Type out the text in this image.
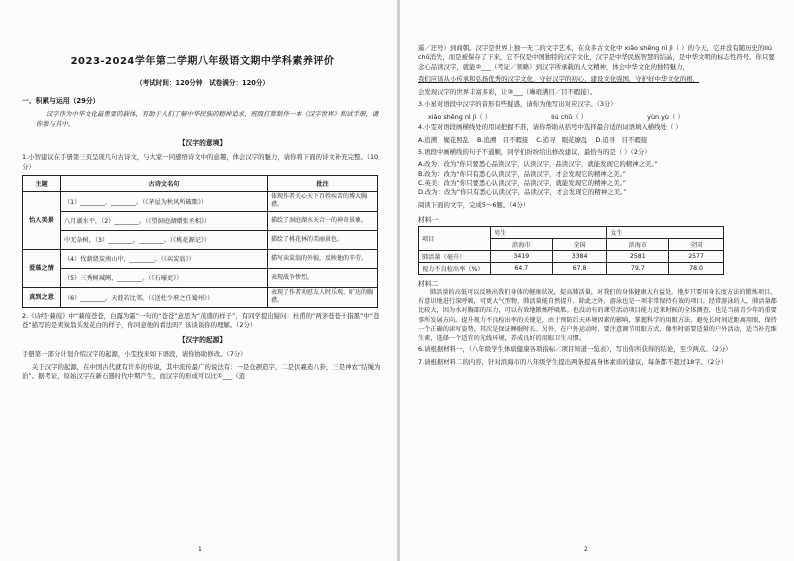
2023-2024学年第二学期八年级语文期中学科素养评价
（考试时间：120分钟　试卷满分：120分）
一、积累与运用（29分）
汉字作为中华文化最重要的载体，有助于人们了解中华民族的精神追求，班级打算制作一本《汉字世界》和试手册，请你参与其中。
【汉字的意境】
1.小智建议在手册第三页呈现几句古诗文，与大家一同感悟诗文中的意趣，体会汉字的魅力，请你将下面的诗文补充完整。（10分）
主题	古诗文名句	批注
怡人美景	（1）________，________。（《茅屋为秋风所破歌》）	体现作者关心天下百姓疾苦的博大胸襟。
	八月湖水平，（2）________。（《望洞庭湖赠张丞相》）	描绘了洞庭湖水天合一的神奇景象。
	中无杂树，（3）________，________。（《桃花源记》）	描绘了桃花林的美丽景色。
爱慕之情	（4）伐薪烧炭南山中，________。（《卖炭翁》）	描写卖炭翁的外貌，反映他的辛劳。
	（5）三秀树城阙，________。（《石壕吏》）	表现战争惨烈。
真到之意	（6）________，天涯若比邻。（《送杜少府之任蜀州》）	表现了作者劝慰友人时乐观、旷达的胸襟。
2.《诗经·蒹葭》中“蒹葭苍苍，白露为霜”一句的“苍苍”意思为“茂盛的样子”，有同学提出疑问：杜甫的“两茅苍苍十指黑”中“苍苍”描写的是卖炭翁头发花白的样子，你同意他的看法吗？该谈谈你的理解。（2分）
【汉字的起源】
手册第一部分计划介绍汉字的起源，小雯找来如下语段，请你协助修改。（7分）
关于汉字的起源，在中国古代就有许多的传说，其中流传最广的说法有：一是仓颉造字，二是伏羲造八卦，三是神农“结绳为治”。据考证，原始汉字在新石器时代中期产生，而汉字的形成可以比①___（逍
1
遥／迂号）到商朝。汉字是世界上独一无二的文字艺术，在众多古文化中 xiǎo shēng nì jì（ ）的今天，它并没有随历史的liú chǔ消失，而是被保存了下来，它不仅是中国独特的汉字文化，汉字是中华民族智慧的结晶，是中华文明的标志性符号。你只要念心品读汉字，就能②___（考证／领略）到汉字所承载的人文精神，体会中华文化的独特魅力，
我们应该从小传承和弘扬优秀的汉字文化，守好汉字的初心，建设文化强国，守护好中华文化的根，
会发现汉字的世界丰富多彩，让③___（琳琅满目／目不暇接）。
3.小星对语段中汉字的音形有些疑惑，请你为他写出对应汉字。（3分）
xiǎo shēng nì jì（ ）	liú chǔ（ ）	yùn yù（ ）
4.小雯对语段画横线处的用词把握不准，请你帮助从括号中选择最合适的词语填入横线处（ ）
A.追溯　娓花照乱 B.追溯　目不暇接 C.追寻　眼花缭乱 D.追寻　目不暇接
5.语段中画横线的句子不通顺，同学们纷纷给出修改建议，最恰当的是（ ）（2分）
A.改为：改为“你只要悉心品读汉字，认读汉字，品读汉字，就能发现它的精神之美。”
B.改为：改为“你只有悉心认读汉字，品读汉字，才会发现它的精神之美。”
C.英美：改为“你只要悉心认读汉字，品读汉字，就能发现它的精神之美。”
D.改为：改为“你只有悉心认读汉字，品读汉字，才会发现它的精神之美。”
阅读下面的文字，完成5～6题。（4分）
材料一
项目	男生		女生	
	滨海市	全国	滨海市	全国
肺活量（毫升）	3419	3384	2581	2577
视力不良检出率（%）	64.7	67.8	79.7	78.0
材料二
肺活量的高低可以反映出我们身体的健康状况，提高肺活量，对我们的身体健康大有益处。地步只要用身长度方法的锻炼项目，有意识地进行深呼吸，可更大气型物、肺活量能自然提升。除此之外，游泳也是一项非常保持有效的项目。经常游泳的人，肺活量都比较大，因为水对胸部的压力，可以有效地锻炼呼吸肌。也没动有的课堂活动项目能力近来时候的全体测查，也是当前青少年的重要事所发展方向。提升视力不良检出率的关键是，由于预防后天环境因素的影响，掌握科学的用眼方法，避免长时间近距离用眼，保持一个正确的读写姿势。其次是保证睡眠时长。另外，在户外运动时，要注意调节用眼方式，像坐时需要适量的户外活动，适当补充维生素，选择一个适宜的光线环境，养成良好的用眼卫生习惯。
6.请根据材料一，（八年级学生体质健康各项指标／项目知道一览表），写出你所获得的结论，至少两点。（2分）
7.请根据材料二的内容，针对滨海市的八年级学生提出两条提高身体素质的建议，每条都不超过18字。（2分）
2
